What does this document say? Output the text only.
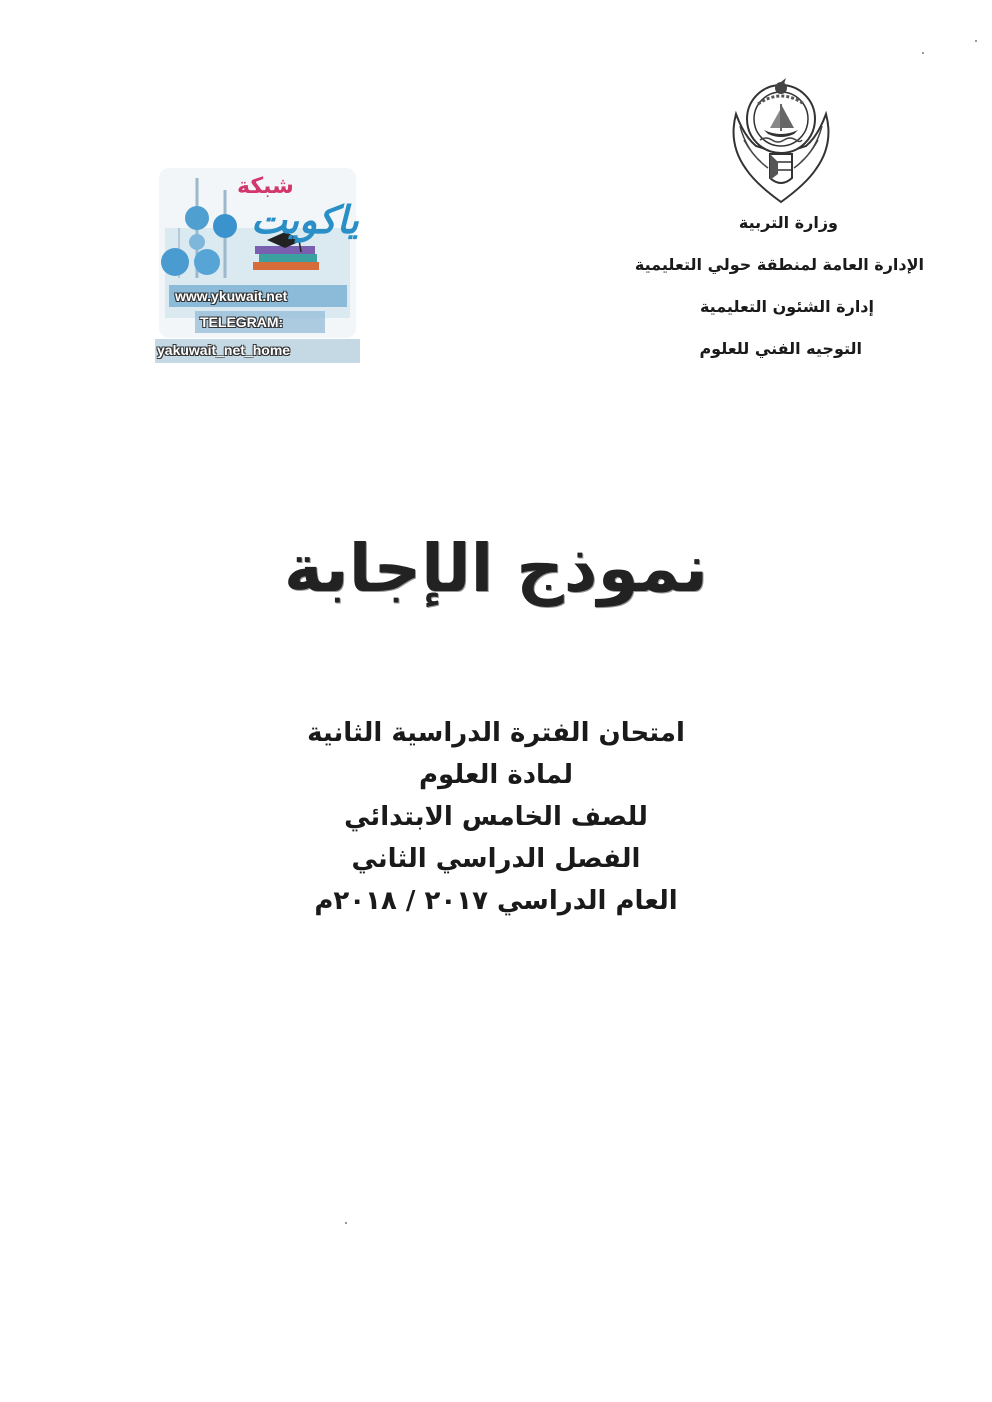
وزارة التربية
الإدارة العامة لمنطقة حولي التعليمية
إدارة الشئون التعليمية
التوجيه الفني للعلوم
شبكة
ياكويت
www.ykuwait.net
TELEGRAM:
yakuwait_net_home
نموذج الإجابة
امتحان الفترة الدراسية الثانية
لمادة العلوم
للصف الخامس الابتدائي
الفصل الدراسي الثاني
العام الدراسي ٢٠١٧ / ٢٠١٨م
